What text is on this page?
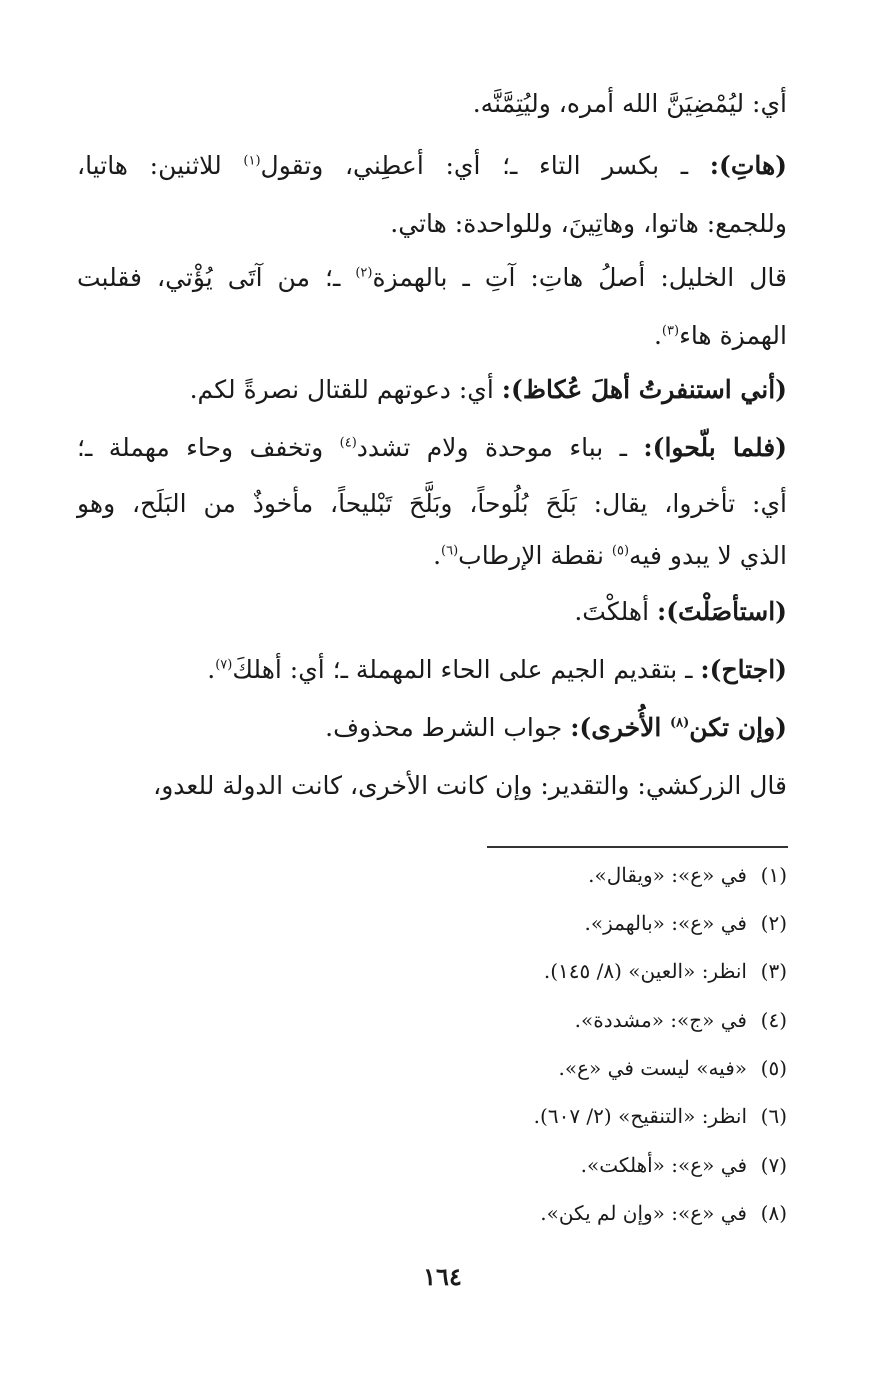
أي: ليُمْضِيَنَّ الله أمره، وليُتِمَّنَّه.
(هاتِ): ـ بكسر التاء ـ؛ أي: أعطِني، وتقول$^{(١)}$ للاثنين: هاتيا،
وللجمع: هاتوا، وهاتِينَ، وللواحدة: هاتي.
قال الخليل: أصلُ هاتِ: آتِ ـ بالهمزة$^{(٢)}$ ـ؛ من آتَى يُؤْتي، فقلبت
الهمزة هاء$^{(٣)}$.
(أني استنفرتُ أهلَ عُكاظ): أي: دعوتهم للقتال نصرةً لكم.
(فلما بلّحوا): ـ بباء موحدة ولام تشدد$^{(٤)}$ وتخفف وحاء مهملة ـ؛
أي: تأخروا، يقال: بَلَحَ بُلُوحاً، وبَلَّحَ تَبْليحاً، مأخوذٌ من البَلَح، وهو
الذي لا يبدو فيه$^{(٥)}$ نقطة الإرطاب$^{(٦)}$.
(استأصَلْتَ): أهلكْتَ.
(اجتاح): ـ بتقديم الجيم على الحاء المهملة ـ؛ أي: أهلكَ$^{(٧)}$.
(وإن تكن$^{(٨)}$ الأُخرى): جواب الشرط محذوف.
قال الزركشي: والتقدير: وإن كانت الأخرى، كانت الدولة للعدو،
(١)في «ع»: «ويقال».
(٢)في «ع»: «بالهمز».
(٣)انظر: «العين» (٨/ ١٤٥).
(٤)في «ج»: «مشددة».
(٥)«فيه» ليست في «ع».
(٦)انظر: «التنقيح» (٢/ ٦٠٧).
(٧)في «ع»: «أهلكت».
(٨)في «ع»: «وإن لم يكن».
١٦٤
